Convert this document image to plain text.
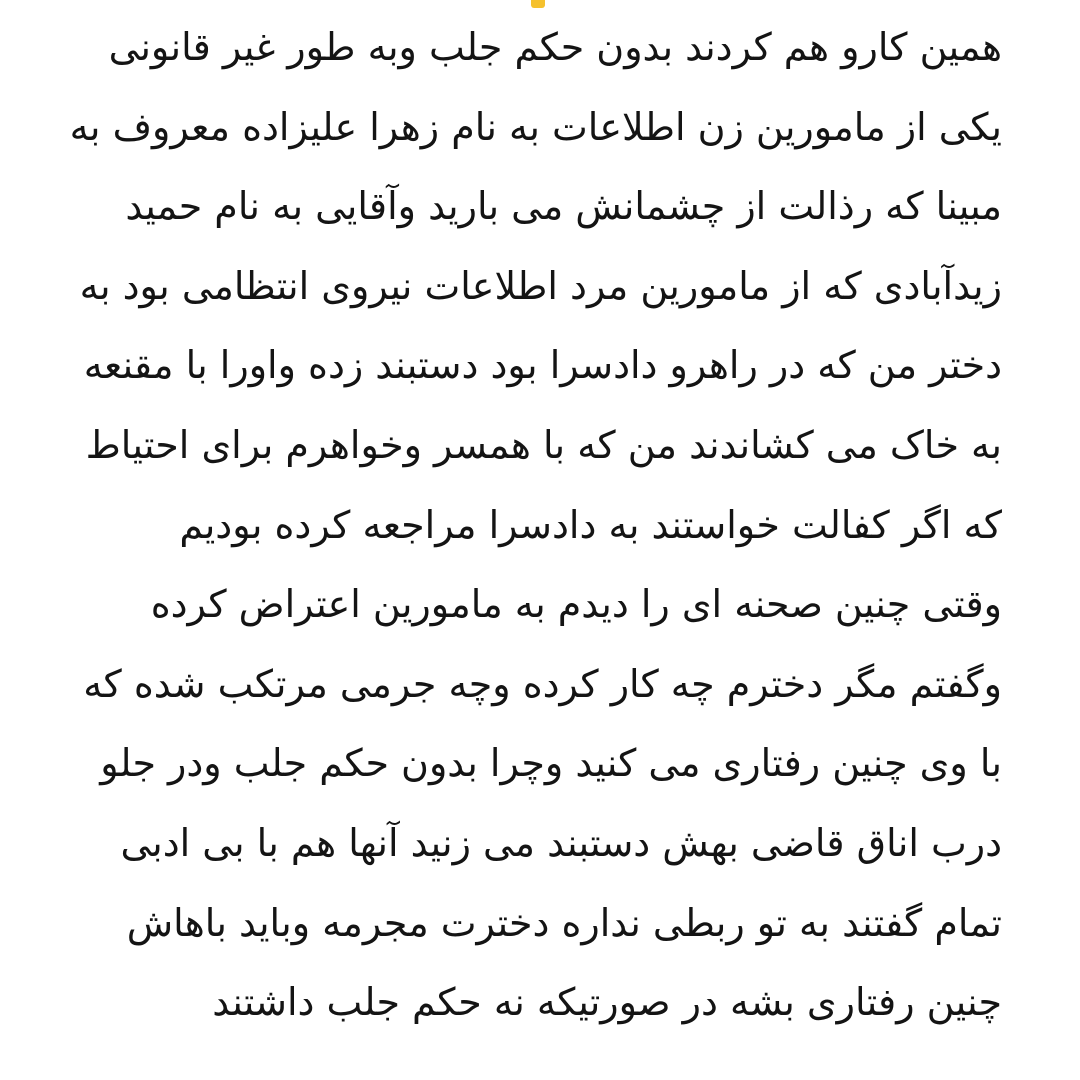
همین کارو هم کردند بدون حکم جلب وبه طور غیر قانونی
یکی از مامورین زن اطلاعات به نام زهرا علیزاده معروف به
مبینا که رذالت از چشمانش می بارید وآقایی به نام حمید
زیدآبادی که از مامورین مرد اطلاعات نیروی انتظامی بود به
دختر من که در راهرو دادسرا بود دستبند زده واورا با مقنعه
به خاک می کشاندند من که با همسر وخواهرم برای احتیاط
که اگر کفالت خواستند به دادسرا مراجعه کرده بودیم
وقتی چنین صحنه ای را دیدم به مامورین اعتراض کرده
وگفتم مگر دخترم چه کار کرده وچه جرمی مرتکب شده که
با وی چنین رفتاری می کنید وچرا بدون حکم جلب ودر جلو
درب اناق قاضی بهش دستبند می زنید آنها هم با بی ادبی
تمام گفتند به تو ربطی نداره دخترت مجرمه وباید باهاش
چنین رفتاری بشه در صورتیکه نه حکم جلب داشتند
